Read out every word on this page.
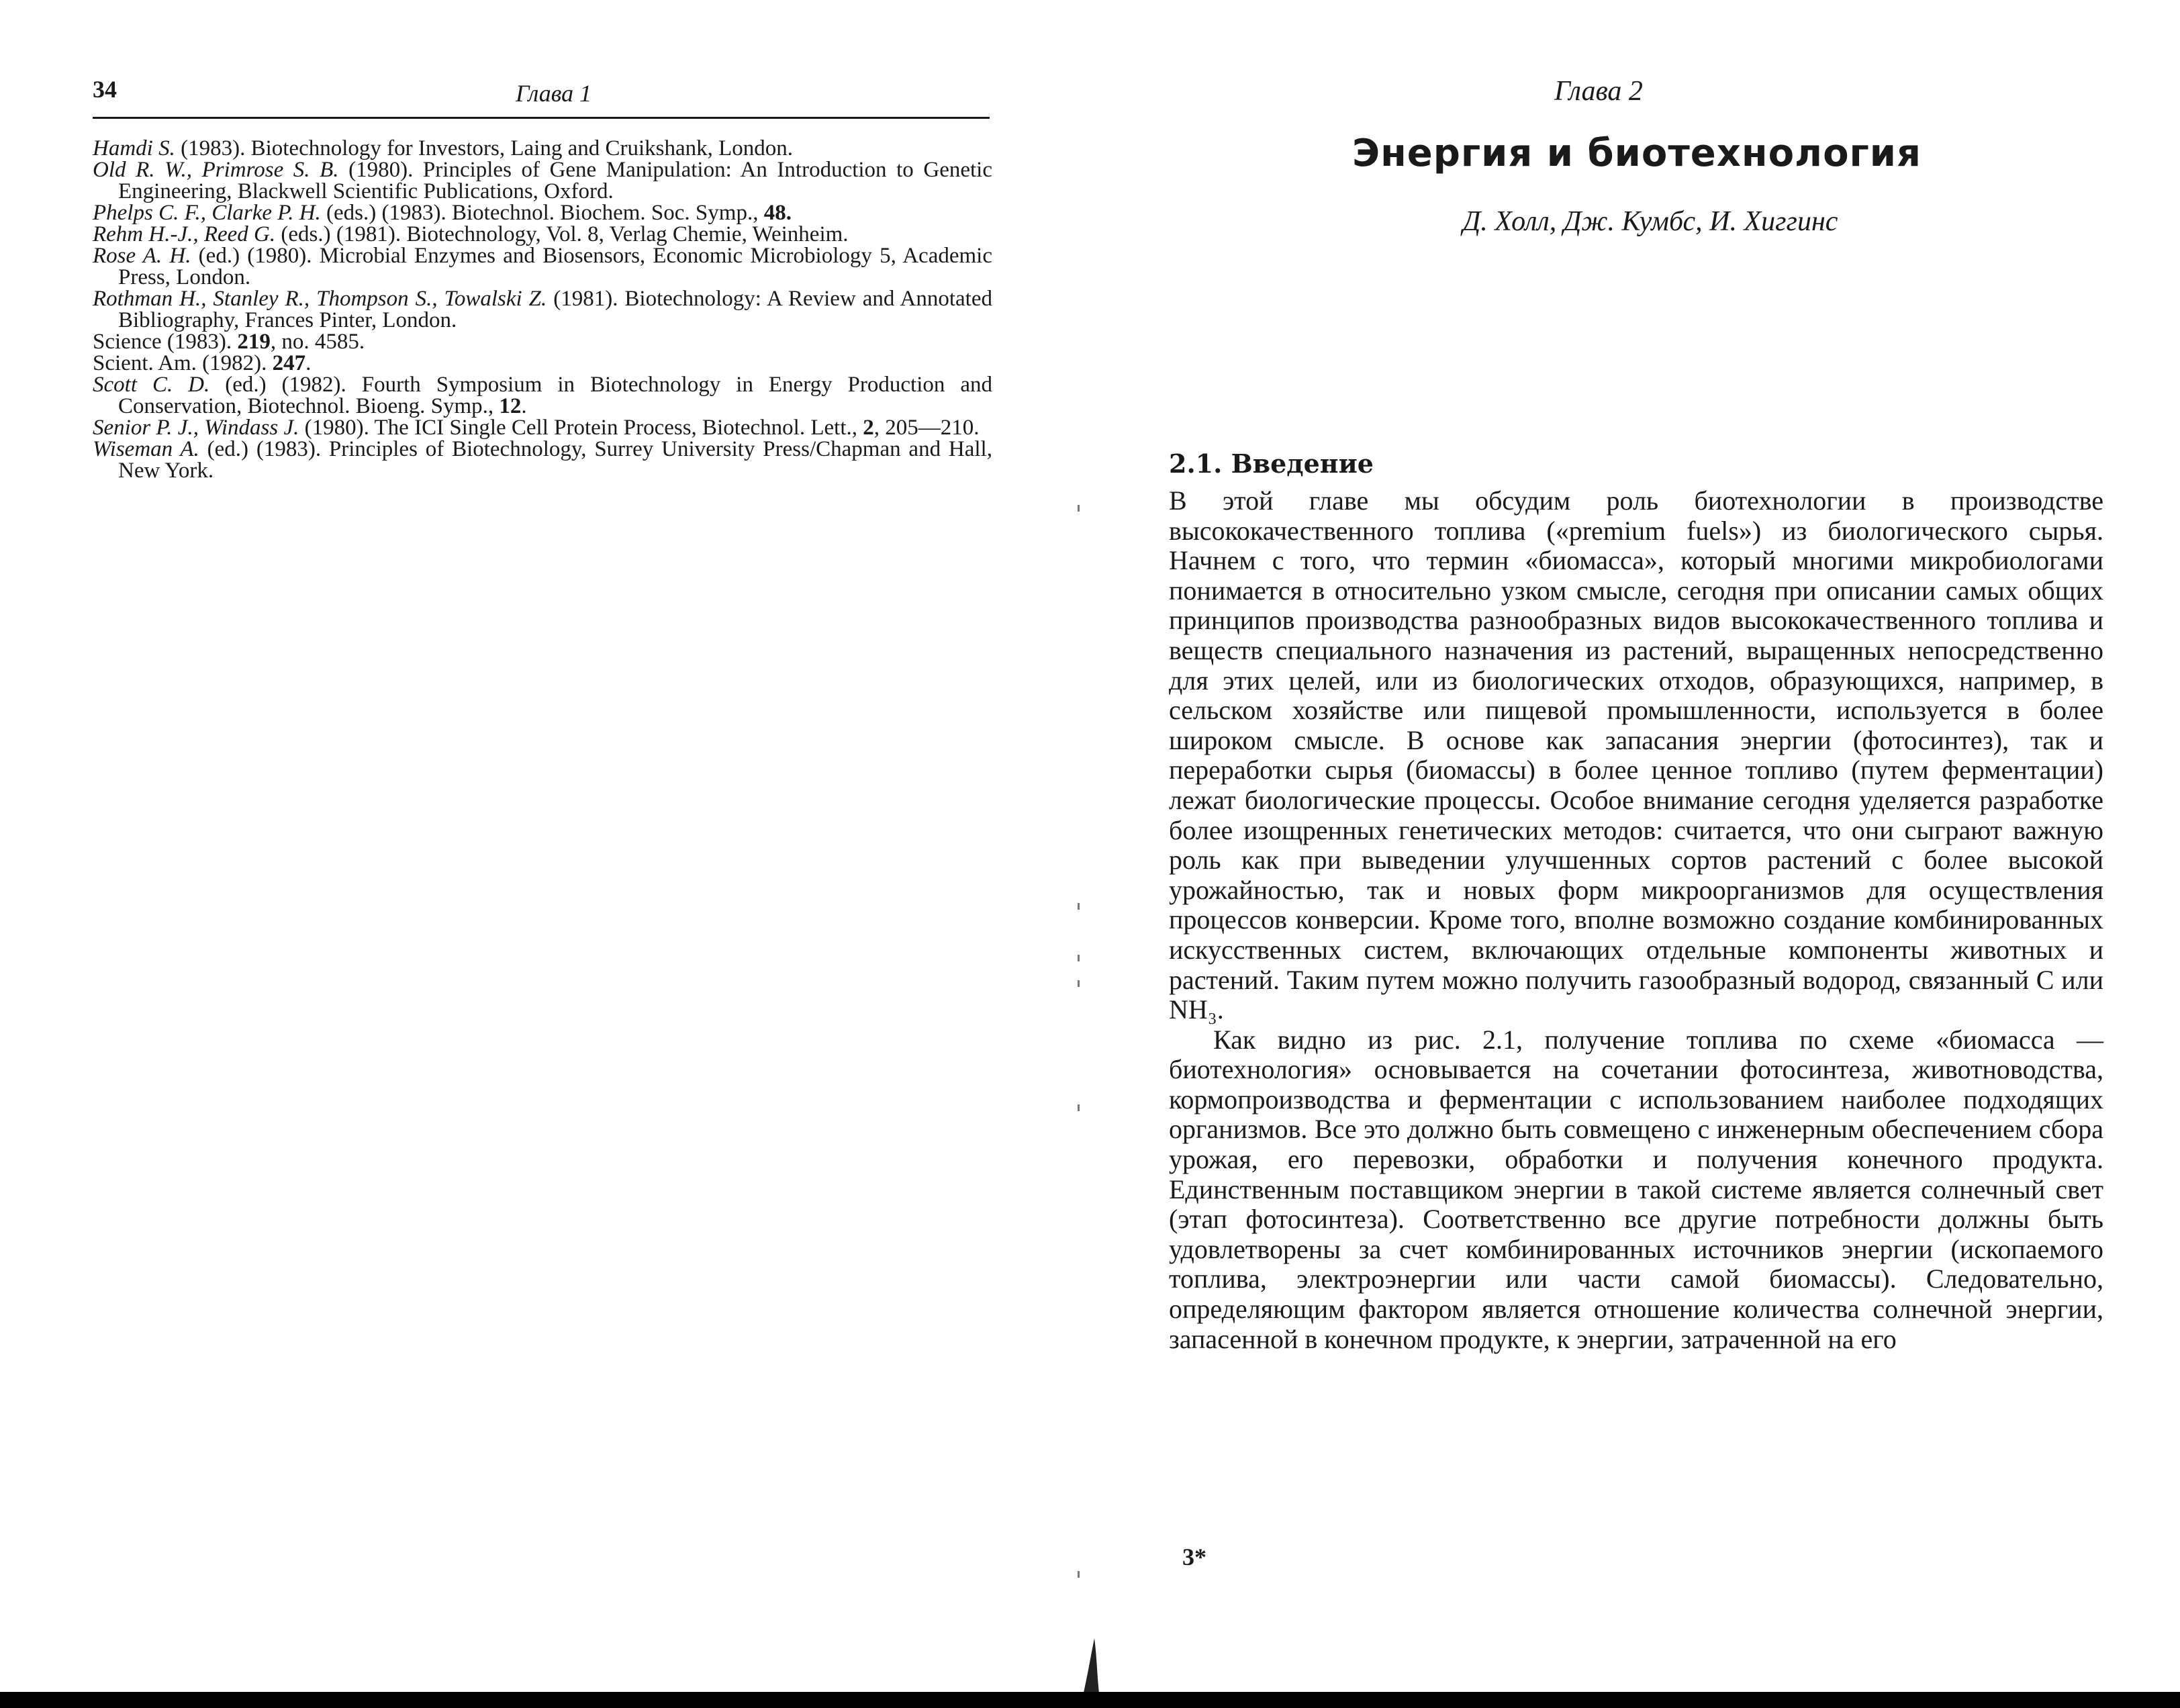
34	Глава 1

Hamdi S. (1983). Biotechnology for Investors, Laing and Cruikshank, London.

Old R. W., Primrose S. B. (1980). Principles of Gene Manipulation: An Introduction to Genetic Engineering, Blackwell Scientific Publications, Oxford.

Phelps C. F., Clarke P. H. (eds.) (1983). Biotechnol. Biochem. Soc. Symp., 48.

Rehm H.-J., Reed G. (eds.) (1981). Biotechnology, Vol. 8, Verlag Chemie, Weinheim.

Rose A. H. (ed.) (1980). Microbial Enzymes and Biosensors, Economic Microbiology 5, Academic Press, London.

Rothman H., Stanley R., Thompson S., Towalski Z. (1981). Biotechnology: A Review and Annotated Bibliography, Frances Pinter, London.

Science (1983). 219, no. 4585.

Scient. Am. (1982). 247.

Scott C. D. (ed.) (1982). Fourth Symposium in Biotechnology in Energy Production and Conservation, Biotechnol. Bioeng. Symp., 12.

Senior P. J., Windass J. (1980). The ICI Single Cell Protein Process, Biotechnol. Lett., 2, 205—210.

Wiseman A. (ed.) (1983). Principles of Biotechnology, Surrey University Press/Chapman and Hall, New York.

Глава 2
Энергия и биотехнология
Д. Холл, Дж. Кумбс, И. Хиггинс
2.1. Введение

В этой главе мы обсудим роль биотехнологии в производстве высококачественного топлива («premium fuels») из биологического сырья. Начнем с того, что термин «биомасса», который многими микробиологами понимается в относительно узком смысле, сегодня при описании самых общих принципов производства разнообразных видов высококачественного топлива и веществ специального назначения из растений, выращенных непосредственно для этих целей, или из биологических отходов, образующихся, например, в сельском хозяйстве или пищевой промышленности, используется в более широком смысле. В основе как запасания энергии (фотосинтез), так и переработки сырья (биомассы) в более ценное топливо (путем ферментации) лежат биологические процессы. Особое внимание сегодня уделяется разработке более изощренных генетических методов: считается, что они сыграют важную роль как при выведении улучшенных сортов растений с более высокой урожайностью, так и новых форм микроорганизмов для осуществления процессов конверсии. Кроме того, вполне возможно создание комбинированных искусственных систем, включающих отдельные компоненты животных и растений. Таким путем можно получить газообразный водород, связанный C или NH₃.

Как видно из рис. 2.1, получение топлива по схеме «биомасса — биотехнология» основывается на сочетании фотосинтеза, животноводства, кормопроизводства и ферментации с использованием наиболее подходящих организмов. Все это должно быть совмещено с инженерным обеспечением сбора урожая, его перевозки, обработки и получения конечного продукта. Единственным поставщиком энергии в такой системе является солнечный свет (этап фотосинтеза). Соответственно все другие потребности должны быть удовлетворены за счет комбинированных источников энергии (ископаемого топлива, электроэнергии или части самой биомассы). Следовательно, определяющим фактором является отношение количества солнечной энергии, запасенной в конечном продукте, к энергии, затраченной на его

3*
